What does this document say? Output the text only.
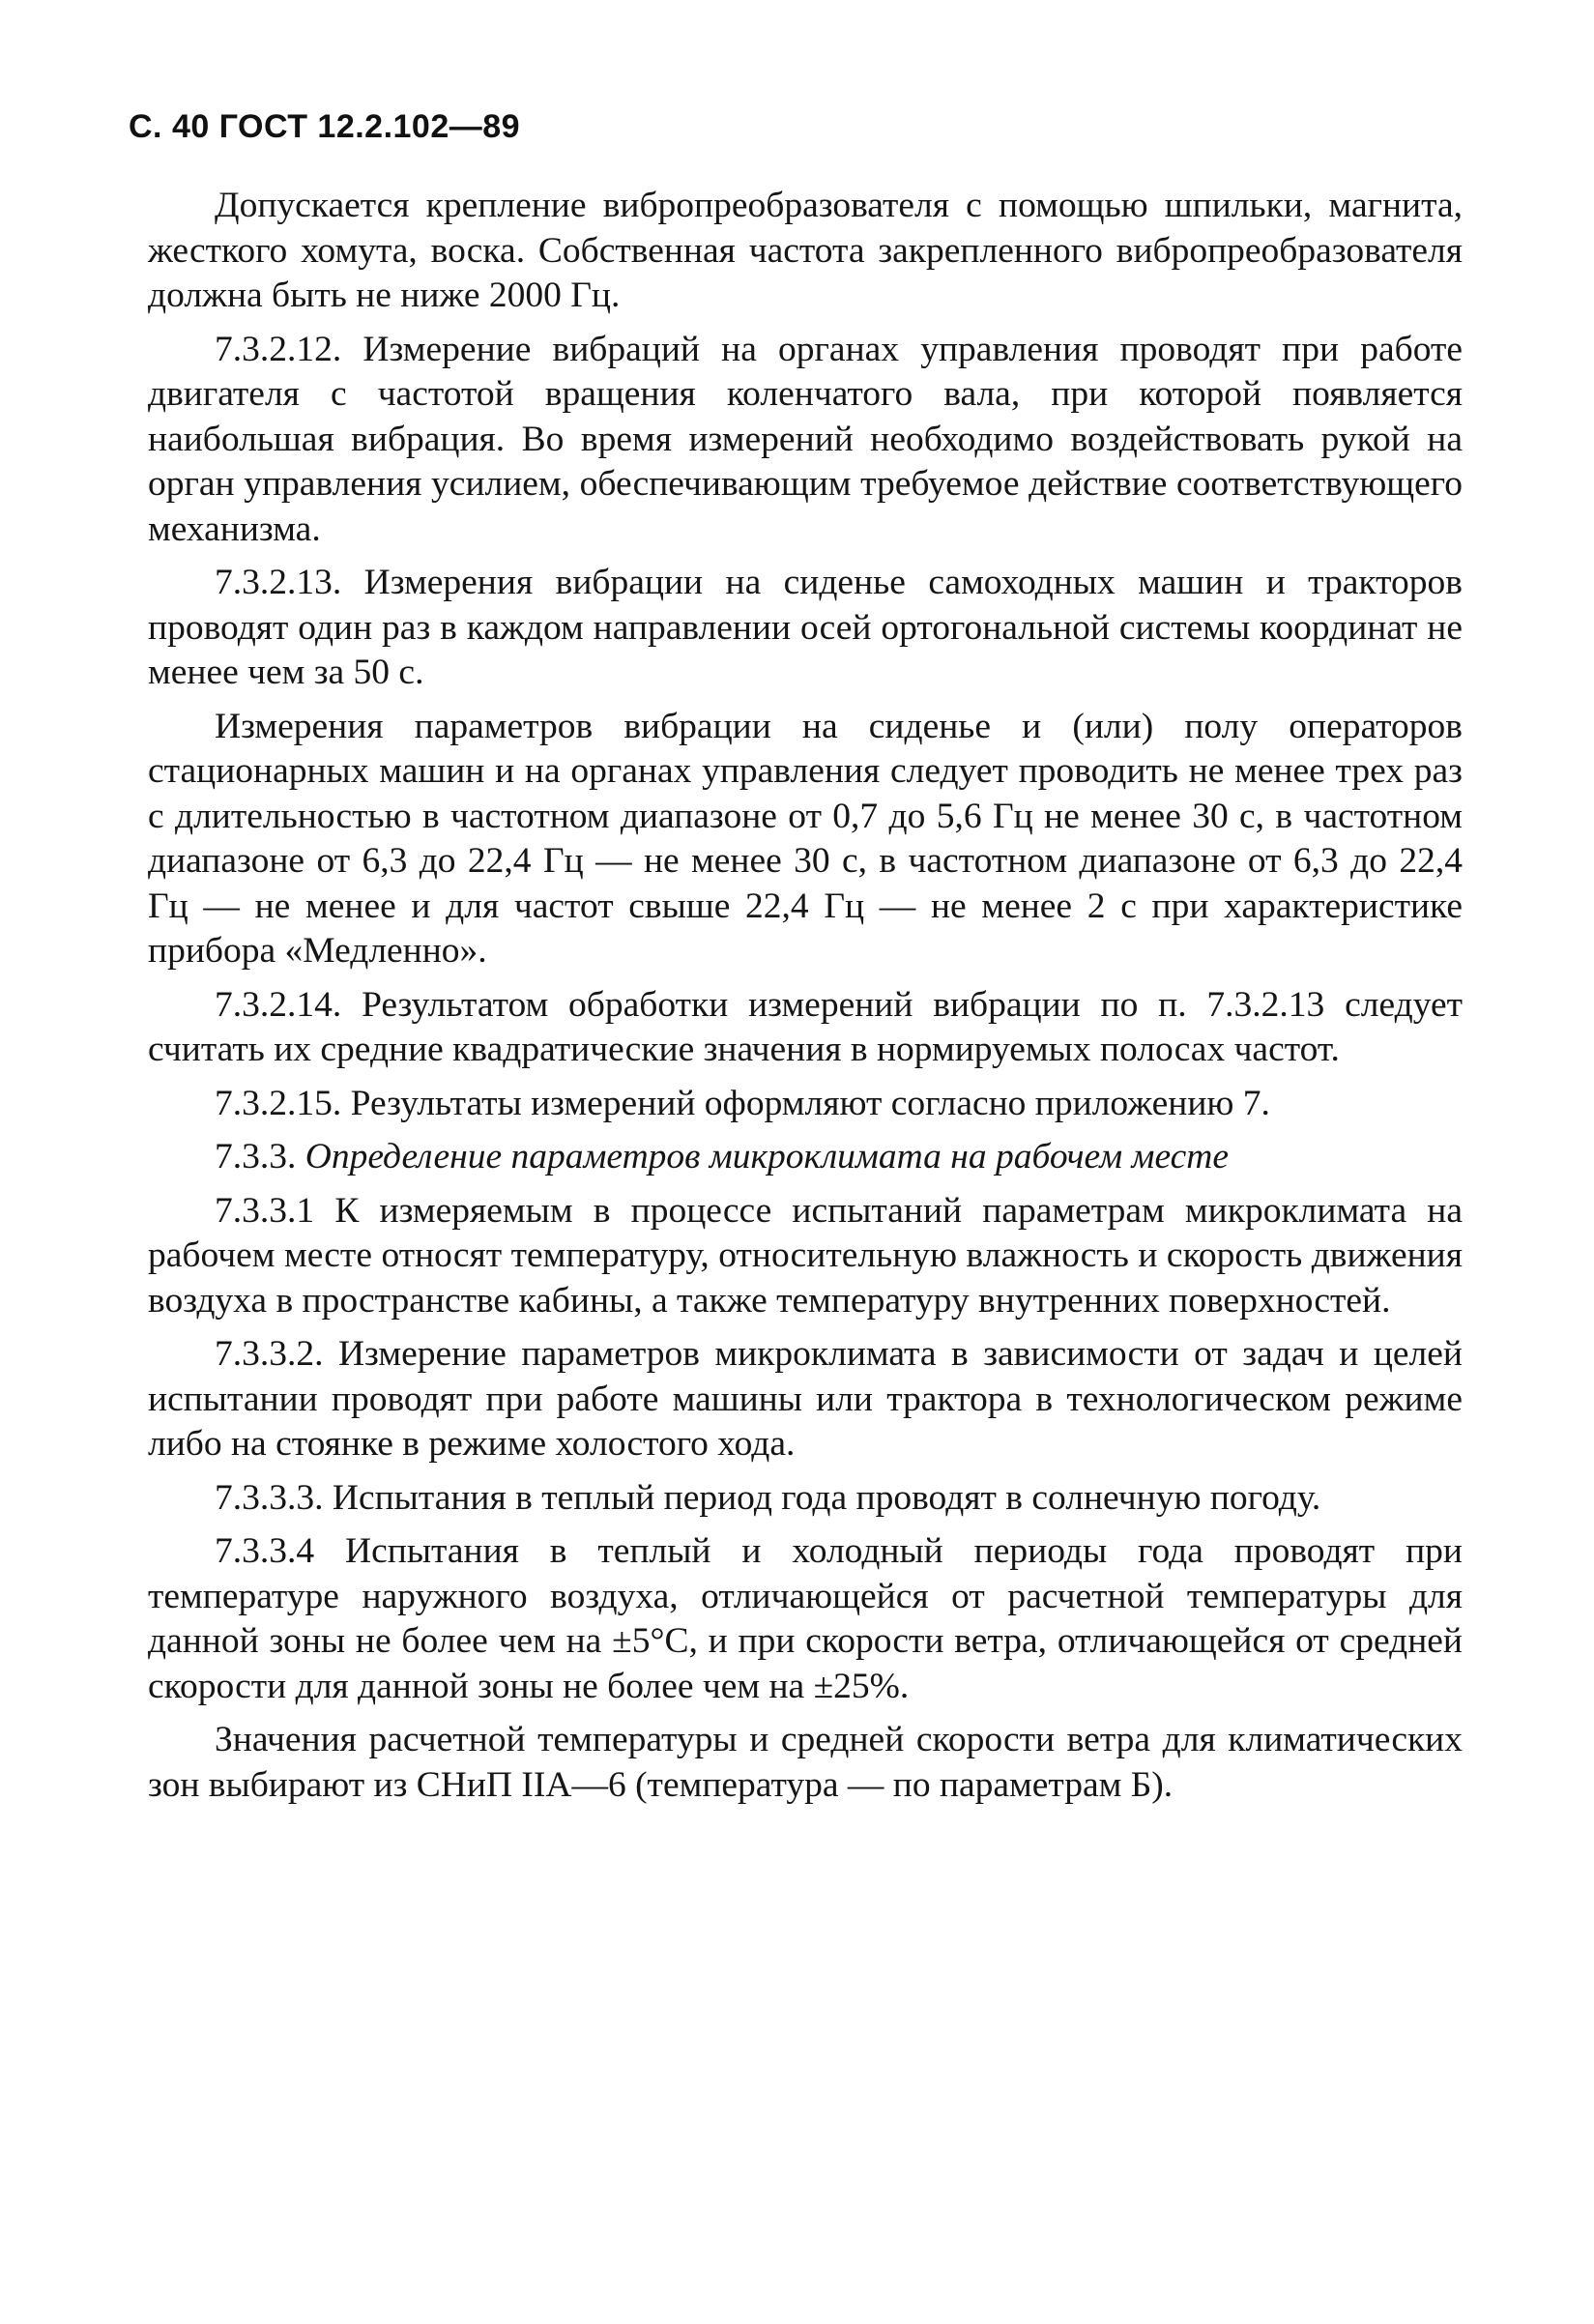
С. 40 ГОСТ 12.2.102—89

Допускается крепление вибропреобразователя с помощью шпильки, магнита, жесткого хомута, воска. Собственная частота закрепленного вибропреобразователя должна быть не ниже 2000 Гц.

7.3.2.12. Измерение вибраций на органах управления проводят при работе двигателя с частотой вращения коленчатого вала, при которой появляется наибольшая вибрация. Во время измерений необходимо воздействовать рукой на орган управления усилием, обеспечивающим требуемое действие соответствующего механизма.

7.3.2.13. Измерения вибрации на сиденье самоходных машин и тракторов проводят один раз в каждом направлении осей ортогональной системы координат не менее чем за 50 с.

Измерения параметров вибрации на сиденье и (или) полу операторов стационарных машин и на органах управления следует проводить не менее трех раз с длительностью в частотном диапазоне от 0,7 до 5,6 Гц не менее 30 с, в частотном диапазоне от 6,3 до 22,4 Гц — не менее 30 с, в частотном диапазоне от 6,3 до 22,4 Гц — не менее и для частот свыше 22,4 Гц — не менее 2 с при характеристике прибора «Медленно».

7.3.2.14. Результатом обработки измерений вибрации по п. 7.3.2.13 следует считать их средние квадратические значения в нормируемых полосах частот.

7.3.2.15. Результаты измерений оформляют согласно приложению 7.

7.3.3. Определение параметров микроклимата на рабочем месте

7.3.3.1 К измеряемым в процессе испытаний параметрам микроклимата на рабочем месте относят температуру, относительную влажность и скорость движения воздуха в пространстве кабины, а также температуру внутренних поверхностей.

7.3.3.2. Измерение параметров микроклимата в зависимости от задач и целей испытании проводят при работе машины или трактора в технологическом режиме либо на стоянке в режиме холостого хода.

7.3.3.3. Испытания в теплый период года проводят в солнечную погоду.

7.3.3.4 Испытания в теплый и холодный периоды года проводят при температуре наружного воздуха, отличающейся от расчетной температуры для данной зоны не более чем на ±5°С, и при скорости ветра, отличающейся от средней скорости для данной зоны не более чем на ±25%.

Значения расчетной температуры и средней скорости ветра для климатических зон выбирают из СНиП IIА—6 (температура — по параметрам Б).
